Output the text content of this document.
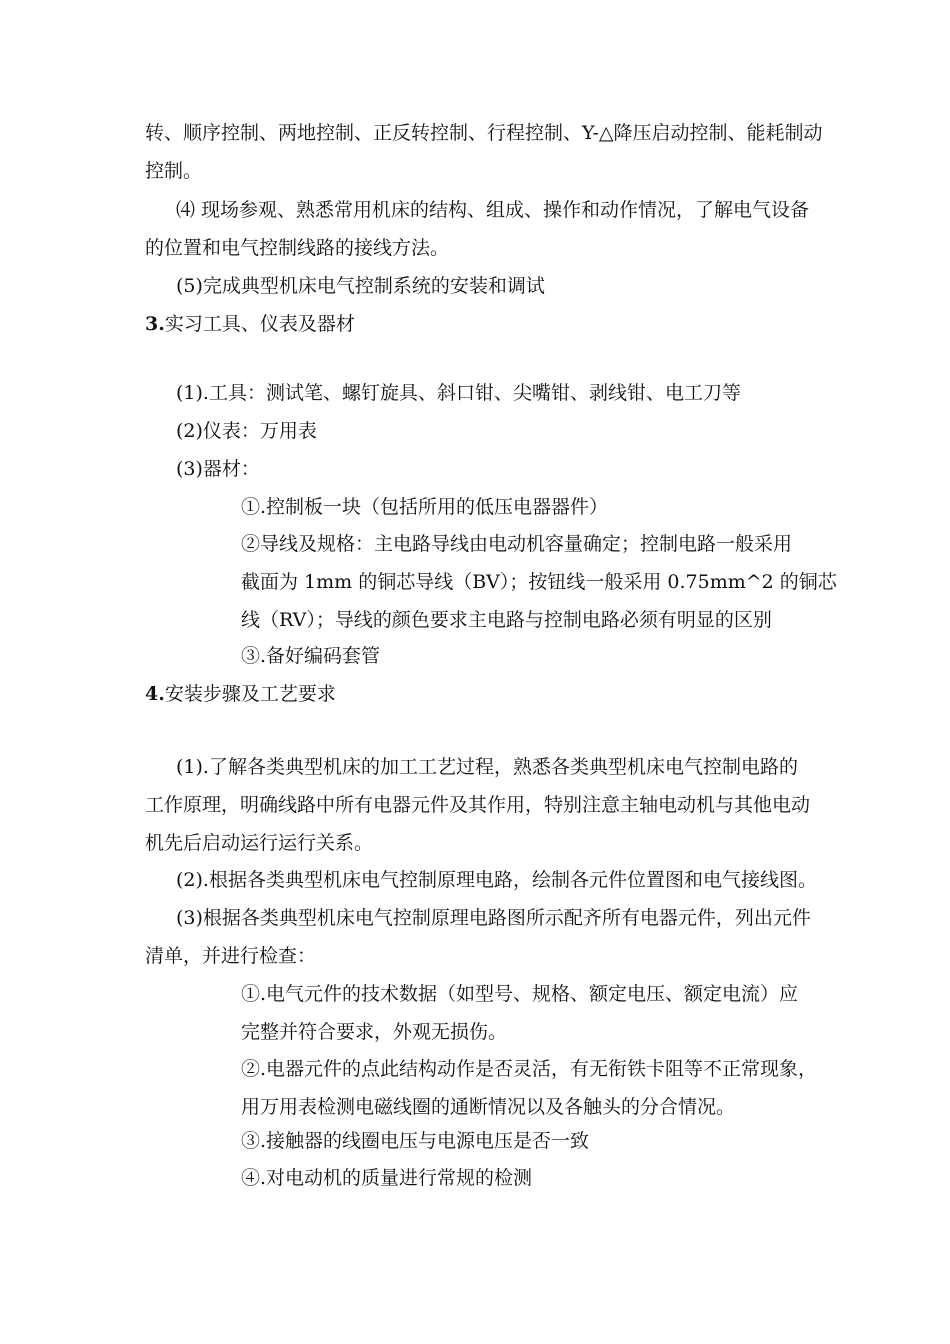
转、顺序控制、两地控制、正反转控制、行程控制、Y-△降压启动控制、能耗制动
控制。

⑷ 现场参观、熟悉常用机床的结构、组成、操作和动作情况，了解电气设备

的位置和电气控制线路的接线方法。

(5)完成典型机床电气控制系统的安装和调试

3.实习工具、仪表及器材

(1).工具：测试笔、螺钉旋具、斜口钳、尖嘴钳、剥线钳、电工刀等

(2)仪表：万用表

(3)器材：

①.控制板一块（包括所用的低压电器器件）

②导线及规格：主电路导线由电动机容量确定；控制电路一般采用
截面为 1mm 的铜芯导线（BV）；按钮线一般采用 0.75mm^2 的铜芯
线（RV）；导线的颜色要求主电路与控制电路必须有明显的区别

③.备好编码套管

4.安装步骤及工艺要求

(1).了解各类典型机床的加工工艺过程，熟悉各类典型机床电气控制电路的

工作原理，明确线路中所有电器元件及其作用，特别注意主轴电动机与其他电动
机先后启动运行运行关系。

(2).根据各类典型机床电气控制原理电路，绘制各元件位置图和电气接线图。

(3)根据各类典型机床电气控制原理电路图所示配齐所有电器元件，列出元件

清单，并进行检查：

①.电气元件的技术数据（如型号、规格、额定电压、额定电流）应
完整并符合要求，外观无损伤。

②.电器元件的点此结构动作是否灵活，有无衔铁卡阻等不正常现象，
用万用表检测电磁线圈的通断情况以及各触头的分合情况。

③.接触器的线圈电压与电源电压是否一致

④.对电动机的质量进行常规的检测
